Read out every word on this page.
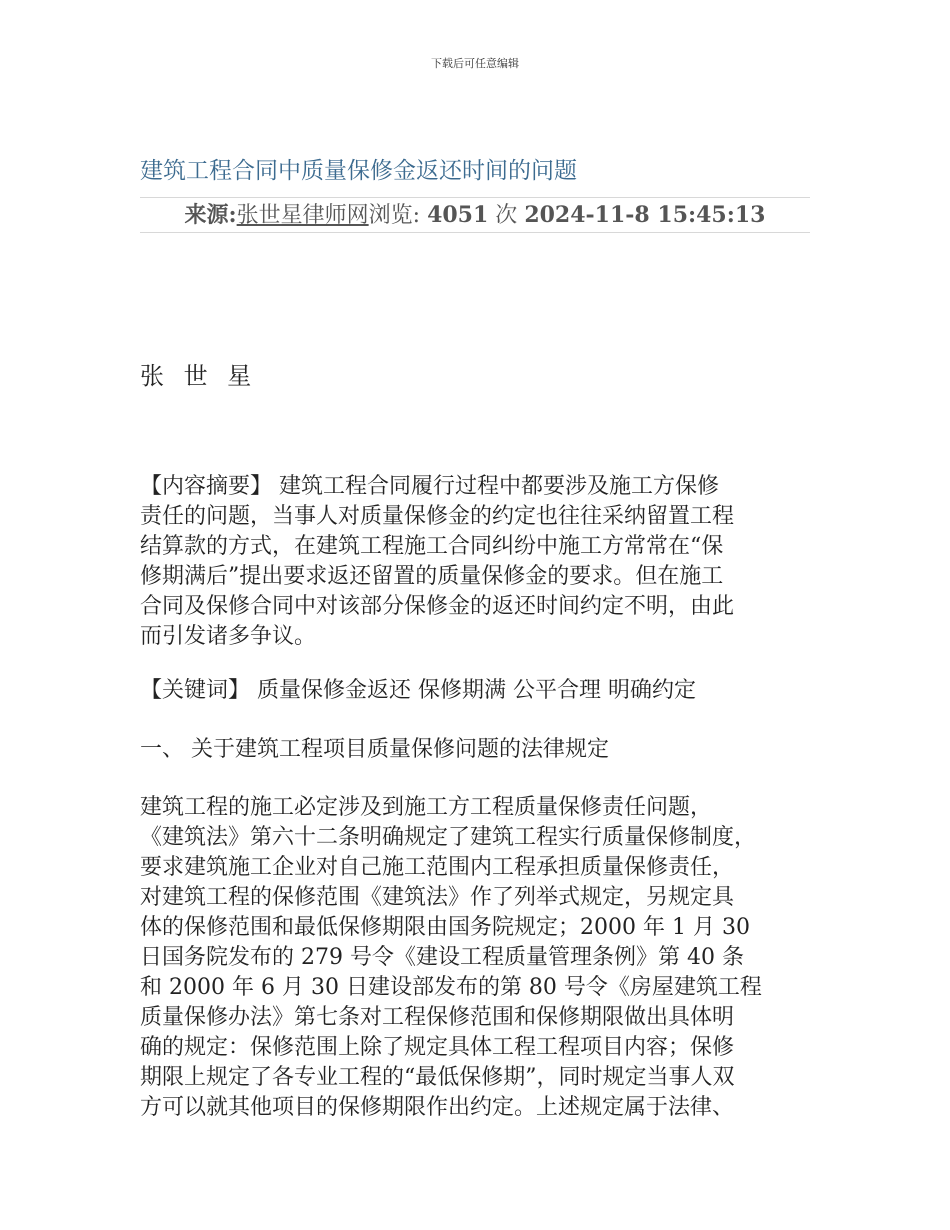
下载后可任意编辑
建筑工程合同中质量保修金返还时间的问题
来源:张世星律师网浏览: 4051 次 2024-11-8 15:45:13
张 世 星
【内容摘要】 建筑工程合同履行过程中都要涉及施工方保修
责任的问题，当事人对质量保修金的约定也往往采纳留置工程
结算款的方式，在建筑工程施工合同纠纷中施工方常常在“保
修期满后”提出要求返还留置的质量保修金的要求。但在施工
合同及保修合同中对该部分保修金的返还时间约定不明，由此
而引发诸多争议。
【关键词】 质量保修金返还 保修期满 公平合理 明确约定
一、 关于建筑工程项目质量保修问题的法律规定
建筑工程的施工必定涉及到施工方工程质量保修责任问题，
《建筑法》第六十二条明确规定了建筑工程实行质量保修制度，
要求建筑施工企业对自己施工范围内工程承担质量保修责任，
对建筑工程的保修范围《建筑法》作了列举式规定，另规定具
体的保修范围和最低保修期限由国务院规定；2000 年 1 月 30
日国务院发布的 279 号令《建设工程质量管理条例》第 40 条
和 2000 年 6 月 30 日建设部发布的第 80 号令《房屋建筑工程
质量保修办法》第七条对工程保修范围和保修期限做出具体明
确的规定：保修范围上除了规定具体工程工程项目内容；保修
期限上规定了各专业工程的“最低保修期”，同时规定当事人双
方可以就其他项目的保修期限作出约定。上述规定属于法律、
